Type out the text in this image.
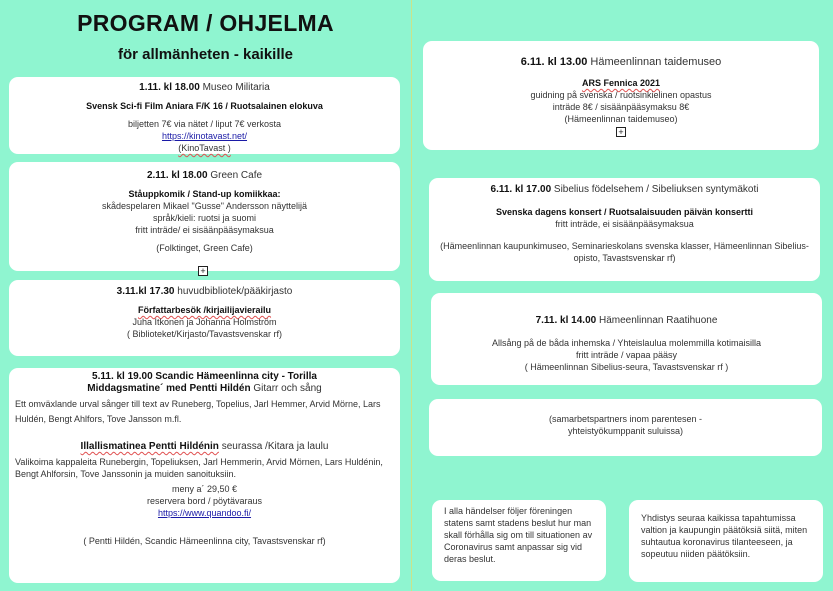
PROGRAM / OHJELMA
för allmänheten - kaikille
1.11. kl 18.00 Museo Militaria
Svensk Sci-fi Film Aniara F/K 16 / Ruotsalainen elokuva
biljetten 7€ via nätet / liput 7€ verkosta
https://kinotavast.net/
(KinoTavast )
2.11. kl 18.00 Green Cafe
Ståuppkomik / Stand-up komiikkaa:
skådespelaren Mikael "Gusse" Andersson näyttelijä
språk/kieli: ruotsi ja suomi
fritt inträde/ ei sisäänpääsymaksua
(Folktinget, Green Cafe)
+
3.11.kl 17.30 huvudbibliotek/pääkirjasto
Författarbesök /kirjailijavierailu
Juha Itkonen ja Johanna Holmström
( Biblioteket/Kirjasto/Tavastsvenskar rf)
5.11. kl 19.00 Scandic Hämeenlinna city - Torilla
Middagsmatine´ med Pentti Hildén Gitarr och sång
Ett omväxlande urval sånger till text av Runeberg, Topelius, Jarl Hemmer, Arvid Mörne, Lars Huldén, Bengt Ahlfors, Tove Jansson m.fl.
Illallismatinea Pentti Hildénin seurassa /Kitara ja laulu
Valikoima kappaleita Runebergin, Topeliuksen, Jarl Hemmerin, Arvid Mörnen, Lars Huldénin, Bengt Ahlforsin, Tove Janssonin ja muiden sanoituksiin.
meny a´ 29,50 €
reservera bord / pöytävaraus
https://www.quandoo.fi/
( Pentti Hildén, Scandic Hämeenlinna city, Tavastsvenskar rf)
6.11. kl 13.00 Hämeenlinnan taidemuseo
ARS Fennica 2021
guidning på svenska / ruotsinkielinen opastus
inträde 8€ / sisäänpääsymaksu 8€
(Hämeenlinnan taidemuseo)
+
6.11. kl 17.00 Sibelius födelsehem / Sibeliuksen syntymäkoti
Svenska dagens konsert / Ruotsalaisuuden päivän konsertti
fritt inträde, ei sisäänpääsymaksua
(Hämeenlinnan kaupunkimuseo, Seminarieskolans svenska klasser, Hämeenlinnan Sibelius-opisto, Tavastsvenskar rf)
7.11. kl 14.00 Hämeenlinnan Raatihuone
Allsång på de båda inhemska / Yhteislaulua molemmilla kotimaisilla
fritt inträde / vapaa pääsy
( Hämeenlinnan Sibelius-seura, Tavastsvenskar rf )
(samarbetspartners inom parentesen - yhteistyökumppanit suluissa)
I alla händelser följer föreningen statens samt stadens beslut hur man skall förhålla sig om till situationen av Coronavirus samt anpassar sig vid deras beslut.
Yhdistys seuraa kaikissa tapahtumissa valtion ja kaupungin päätöksiä siitä, miten suhtautua koronavirus tilanteeseen, ja sopeutuu niiden päätöksiin.
